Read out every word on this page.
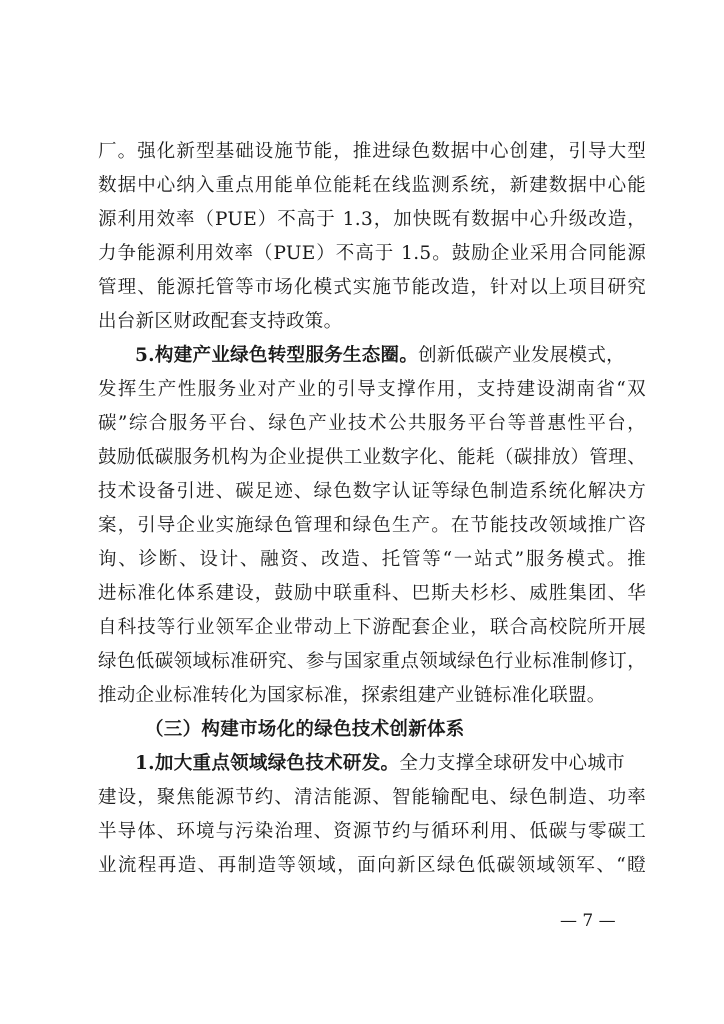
厂。强化新型基础设施节能，推进绿色数据中心创建，引导大型
数据中心纳入重点用能单位能耗在线监测系统，新建数据中心能
源利用效率（PUE）不高于 1.3，加快既有数据中心升级改造，
力争能源利用效率（PUE）不高于 1.5。鼓励企业采用合同能源
管理、能源托管等市场化模式实施节能改造，针对以上项目研究
出台新区财政配套支持政策。
5.构建产业绿色转型服务生态圈。创新低碳产业发展模式，
发挥生产性服务业对产业的引导支撑作用，支持建设湖南省“双
碳”综合服务平台、绿色产业技术公共服务平台等普惠性平台，
鼓励低碳服务机构为企业提供工业数字化、能耗（碳排放）管理、
技术设备引进、碳足迹、绿色数字认证等绿色制造系统化解决方
案，引导企业实施绿色管理和绿色生产。在节能技改领域推广咨
询、诊断、设计、融资、改造、托管等“一站式”服务模式。推
进标准化体系建设，鼓励中联重科、巴斯夫杉杉、威胜集团、华
自科技等行业领军企业带动上下游配套企业，联合高校院所开展
绿色低碳领域标准研究、参与国家重点领域绿色行业标准制修订，
推动企业标准转化为国家标准，探索组建产业链标准化联盟。
（三）构建市场化的绿色技术创新体系
1.加大重点领域绿色技术研发。全力支撑全球研发中心城市
建设，聚焦能源节约、清洁能源、智能输配电、绿色制造、功率
半导体、环境与污染治理、资源节约与循环利用、低碳与零碳工
业流程再造、再制造等领域，面向新区绿色低碳领域领军、“瞪
— 7 —
